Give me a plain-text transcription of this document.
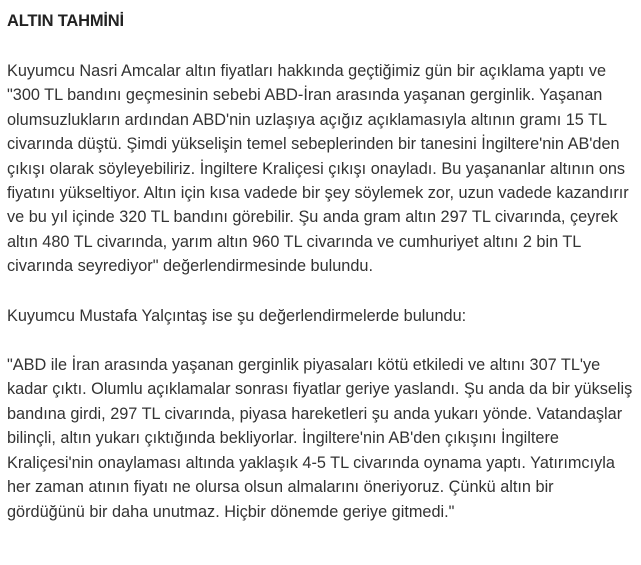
ALTIN TAHMİNİ

Kuyumcu Nasri Amcalar altın fiyatları hakkında geçtiğimiz gün bir açıklama yaptı ve "300 TL bandını geçmesinin sebebi ABD-İran arasında yaşanan gerginlik. Yaşanan olumsuzlukların ardından ABD'nin uzlaşıya açığız açıklamasıyla altının gramı 15 TL civarında düştü. Şimdi yükselişin temel sebeplerinden bir tanesini İngiltere'nin AB'den çıkışı olarak söyleyebiliriz. İngiltere Kraliçesi çıkışı onayladı. Bu yaşananlar altının ons fiyatını yükseltiyor. Altın için kısa vadede bir şey söylemek zor, uzun vadede kazandırır ve bu yıl içinde 320 TL bandını görebilir. Şu anda gram altın 297 TL civarında, çeyrek altın 480 TL civarında, yarım altın 960 TL civarında ve cumhuriyet altını 2 bin TL civarında seyrediyor" değerlendirmesinde bulundu.

Kuyumcu Mustafa Yalçıntaş ise şu değerlendirmelerde bulundu:

"ABD ile İran arasında yaşanan gerginlik piyasaları kötü etkiledi ve altını 307 TL'ye kadar çıktı. Olumlu açıklamalar sonrası fiyatlar geriye yaslandı. Şu anda da bir yükseliş bandına girdi, 297 TL civarında, piyasa hareketleri şu anda yukarı yönde. Vatandaşlar bilinçli, altın yukarı çıktığında bekliyorlar. İngiltere'nin AB'den çıkışını İngiltere Kraliçesi'nin onaylaması altında yaklaşık 4-5 TL civarında oynama yaptı. Yatırımcıyla her zaman atının fiyatı ne olursa olsun almalarını öneriyoruz. Çünkü altın bir gördüğünü bir daha unutmaz. Hiçbir dönemde geriye gitmedi."
